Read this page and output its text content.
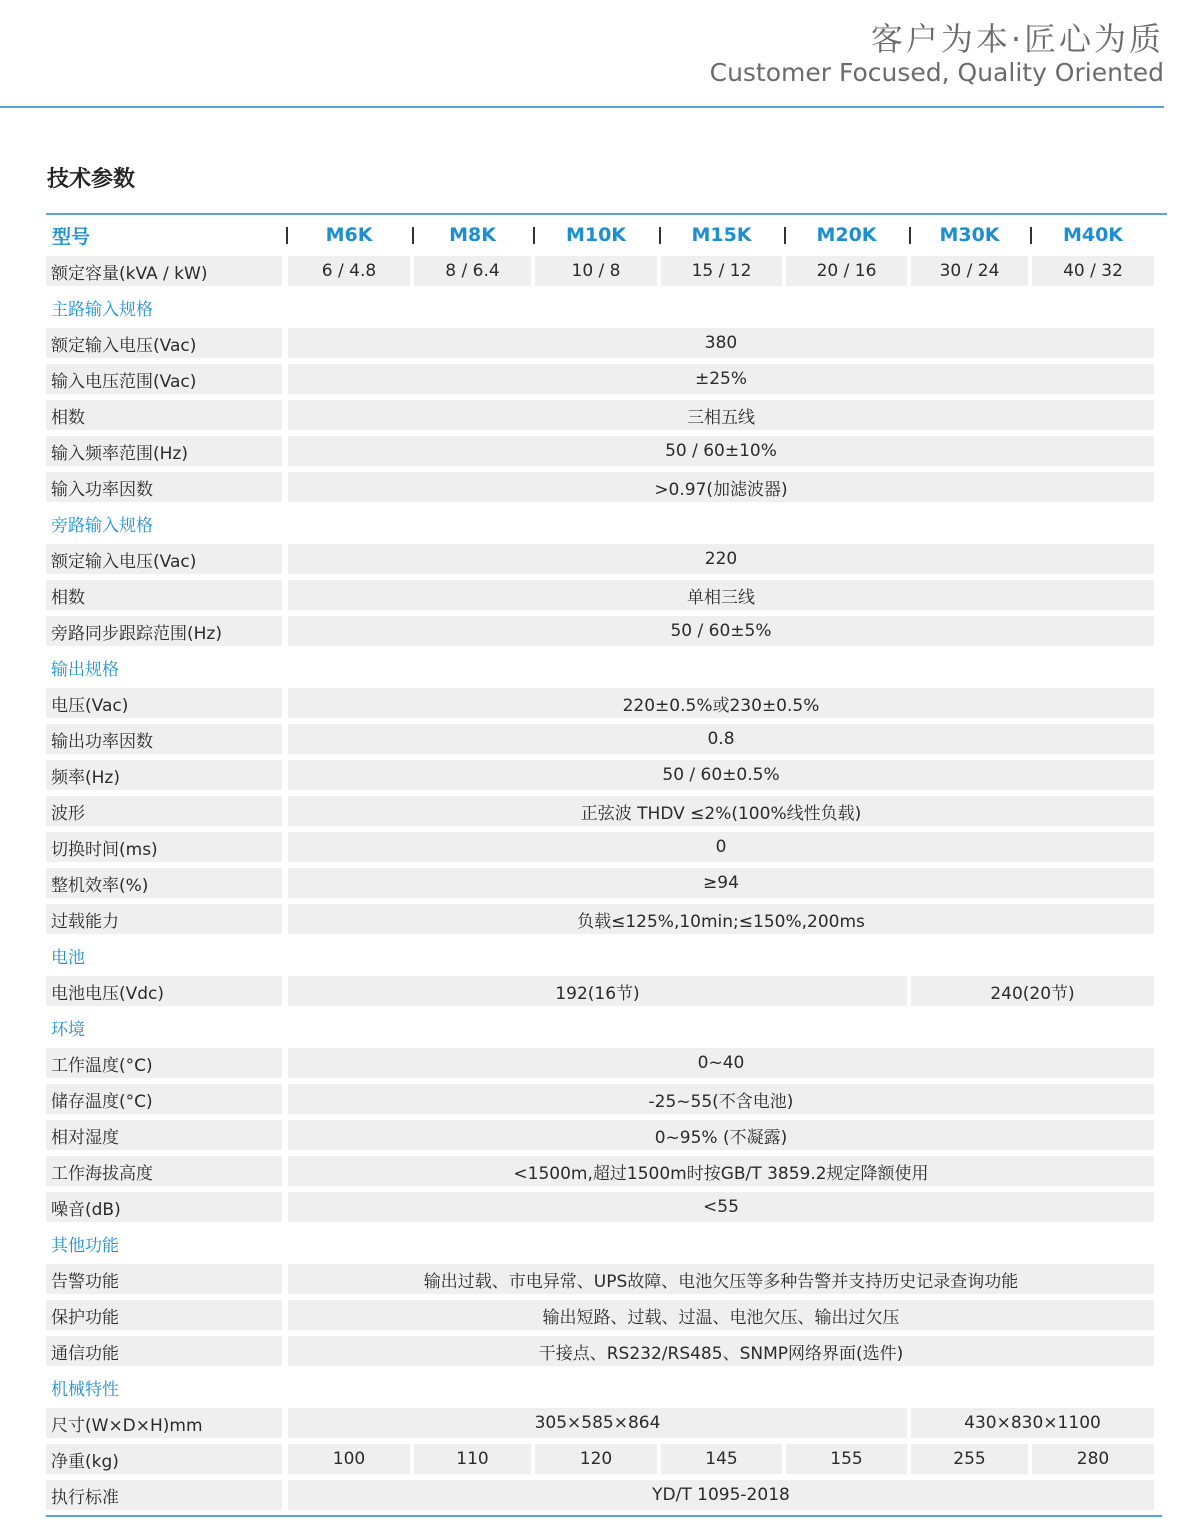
客户为本·匠心为质
Customer Focused, Quality Oriented
技术参数
型号	M6K	M8K	M10K	M15K	M20K	M30K	M40K
额定容量(kVA / kW)	6 / 4.8	8 / 6.4	10 / 8	15 / 12	20 / 16	30 / 24	40 / 32
主路输入规格
额定输入电压(Vac)	380
输入电压范围(Vac)	±25%
相数	三相五线
输入频率范围(Hz)	50 / 60±10%
输入功率因数	>0.97(加滤波器)
旁路输入规格
额定输入电压(Vac)	220
相数	单相三线
旁路同步跟踪范围(Hz)	50 / 60±5%
输出规格
电压(Vac)	220±0.5%或230±0.5%
输出功率因数	0.8
频率(Hz)	50 / 60±0.5%
波形	正弦波 THDV ≤2%(100%线性负载)
切换时间(ms)	0
整机效率(%)	≥94
过载能力	负载≤125%,10min;≤150%,200ms
电池
电池电压(Vdc)	192(16节)	240(20节)
环境
工作温度(°C)	0~40
储存温度(°C)	-25~55(不含电池)
相对湿度	0~95% (不凝露)
工作海拔高度	<1500m,超过1500m时按GB/T 3859.2规定降额使用
噪音(dB)	<55
其他功能
告警功能	输出过载、市电异常、UPS故障、电池欠压等多种告警并支持历史记录查询功能
保护功能	输出短路、过载、过温、电池欠压、输出过欠压
通信功能	干接点、RS232/RS485、SNMP网络界面(选件)
机械特性
尺寸(W×D×H)mm	305×585×864	430×830×1100
净重(kg)	100	110	120	145	155	255	280
执行标准	YD/T 1095-2018
